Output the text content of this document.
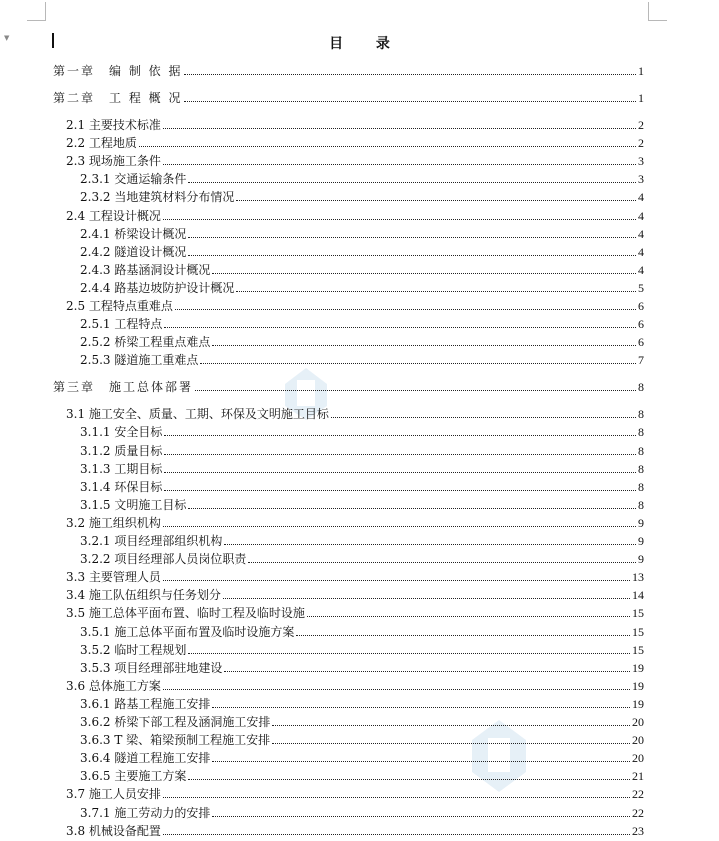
▼	目 录
第一章　编 制 依 据	1
第二章　工 程 概 况	1
2.1 主要技术标准	2
2.2 工程地质	2
2.3 现场施工条件	3
2.3.1 交通运输条件	3
2.3.2 当地建筑材料分布情况	4
2.4 工程设计概况	4
2.4.1 桥梁设计概况	4
2.4.2 隧道设计概况	4
2.4.3 路基涵洞设计概况	4
2.4.4 路基边坡防护设计概况	5
2.5 工程特点重难点	6
2.5.1 工程特点	6
2.5.2 桥梁工程重点难点	6
2.5.3 隧道施工重难点	7
第三章　施工总体部署	8
3.1 施工安全、质量、工期、环保及文明施工目标	8
3.1.1 安全目标	8
3.1.2 质量目标	8
3.1.3 工期目标	8
3.1.4 环保目标	8
3.1.5 文明施工目标	8
3.2 施工组织机构	9
3.2.1 项目经理部组织机构	9
3.2.2 项目经理部人员岗位职责	9
3.3 主要管理人员	13
3.4 施工队伍组织与任务划分	14
3.5 施工总体平面布置、临时工程及临时设施	15
3.5.1 施工总体平面布置及临时设施方案	15
3.5.2 临时工程规划	15
3.5.3 项目经理部驻地建设	19
3.6 总体施工方案	19
3.6.1 路基工程施工安排	19
3.6.2 桥梁下部工程及涵洞施工安排	20
3.6.3 T 梁、箱梁预制工程施工安排	20
3.6.4 隧道工程施工安排	20
3.6.5 主要施工方案	21
3.7 施工人员安排	22
3.7.1 施工劳动力的安排	22
3.8 机械设备配置	23
